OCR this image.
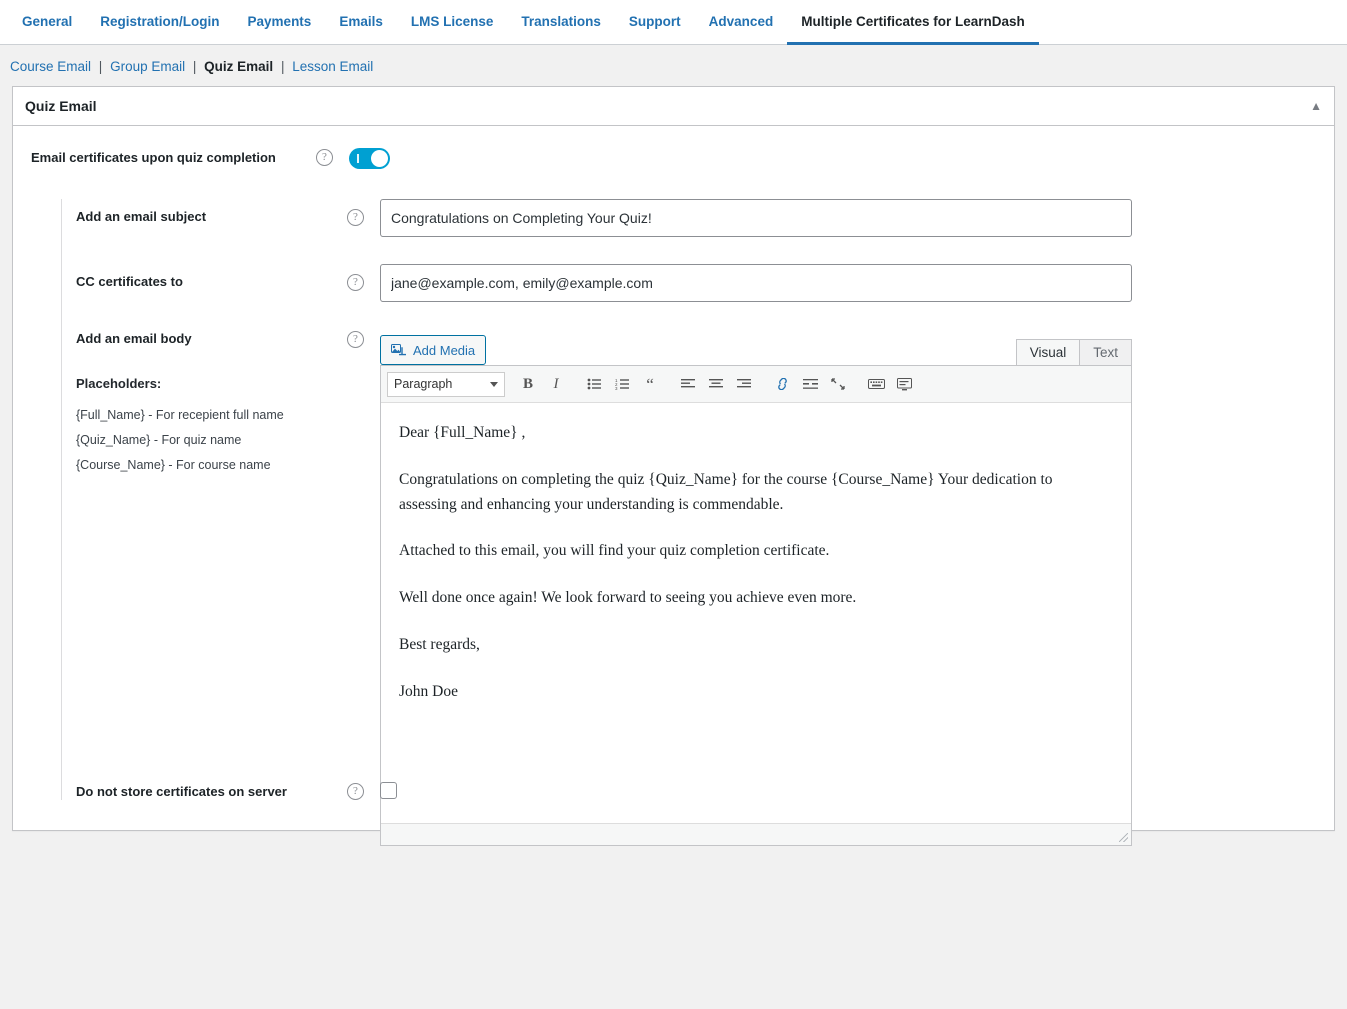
General Registration/Login Payments Emails LMS License Translations Support Advanced Multiple Certificates for LearnDash
Course Email | Group Email | Quiz Email | Lesson Email
Quiz Email	▲
Email certificates upon quiz completion	?
Add an email subject	?
Congratulations on Completing Your Quiz!
CC certificates to	?
jane@example.com, emily@example.com
Add an email body
Placeholders:
{Full_Name} - For recepient full name
{Quiz_Name} - For quiz name
{Course_Name} - For course name
?
Add Media	Visual	Text
Paragraph	B I	1
2
3 “

Dear {Full_Name} ,

Congratulations on completing the quiz {Quiz_Name} for the course {Course_Name} Your dedication to assessing and enhancing your understanding is commendable.

Attached to this email, you will find your quiz completion certificate.

Well done once again! We look forward to seeing you achieve even more.

Best regards,

John Doe

Do not store certificates on server	?
